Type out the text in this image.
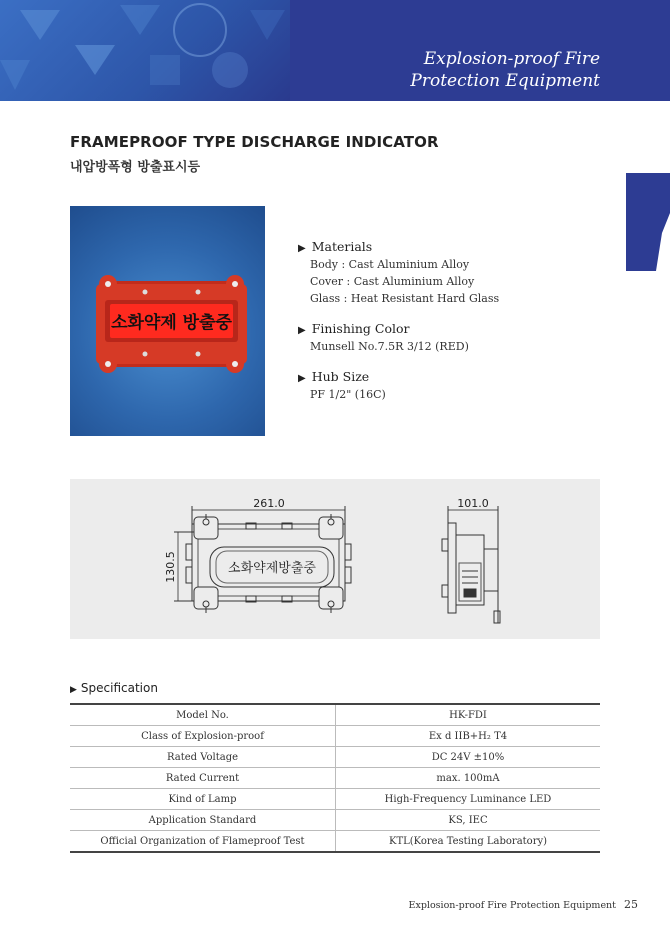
Explosion-proof Fire
Protection Equipment
FRAMEPROOF TYPE DISCHARGE INDICATOR
내압방폭형 방출표시등
소화약제 방출중
▶ Materials
Body : Cast Aluminium Alloy
Cover : Cast Aluminium Alloy
Glass : Heat Resistant Hard Glass
▶ Finishing Color
Munsell No.7.5R 3/12 (RED)
▶ Hub Size
PF 1/2" (16C)
261.0	101.0
130.5	소화약제방출중
▶ Specification
Model No.	HK-FDI
Class of Explosion-proof	Ex d IIB+H₂ T4
Rated Voltage	DC 24V ±10%
Rated Current	max. 100mA
Kind of Lamp	High-Frequency Luminance LED
Application Standard	KS, IEC
Official Organization of Flameproof Test	KTL(Korea Testing Laboratory)
Explosion-proof Fire Protection Equipment 25
